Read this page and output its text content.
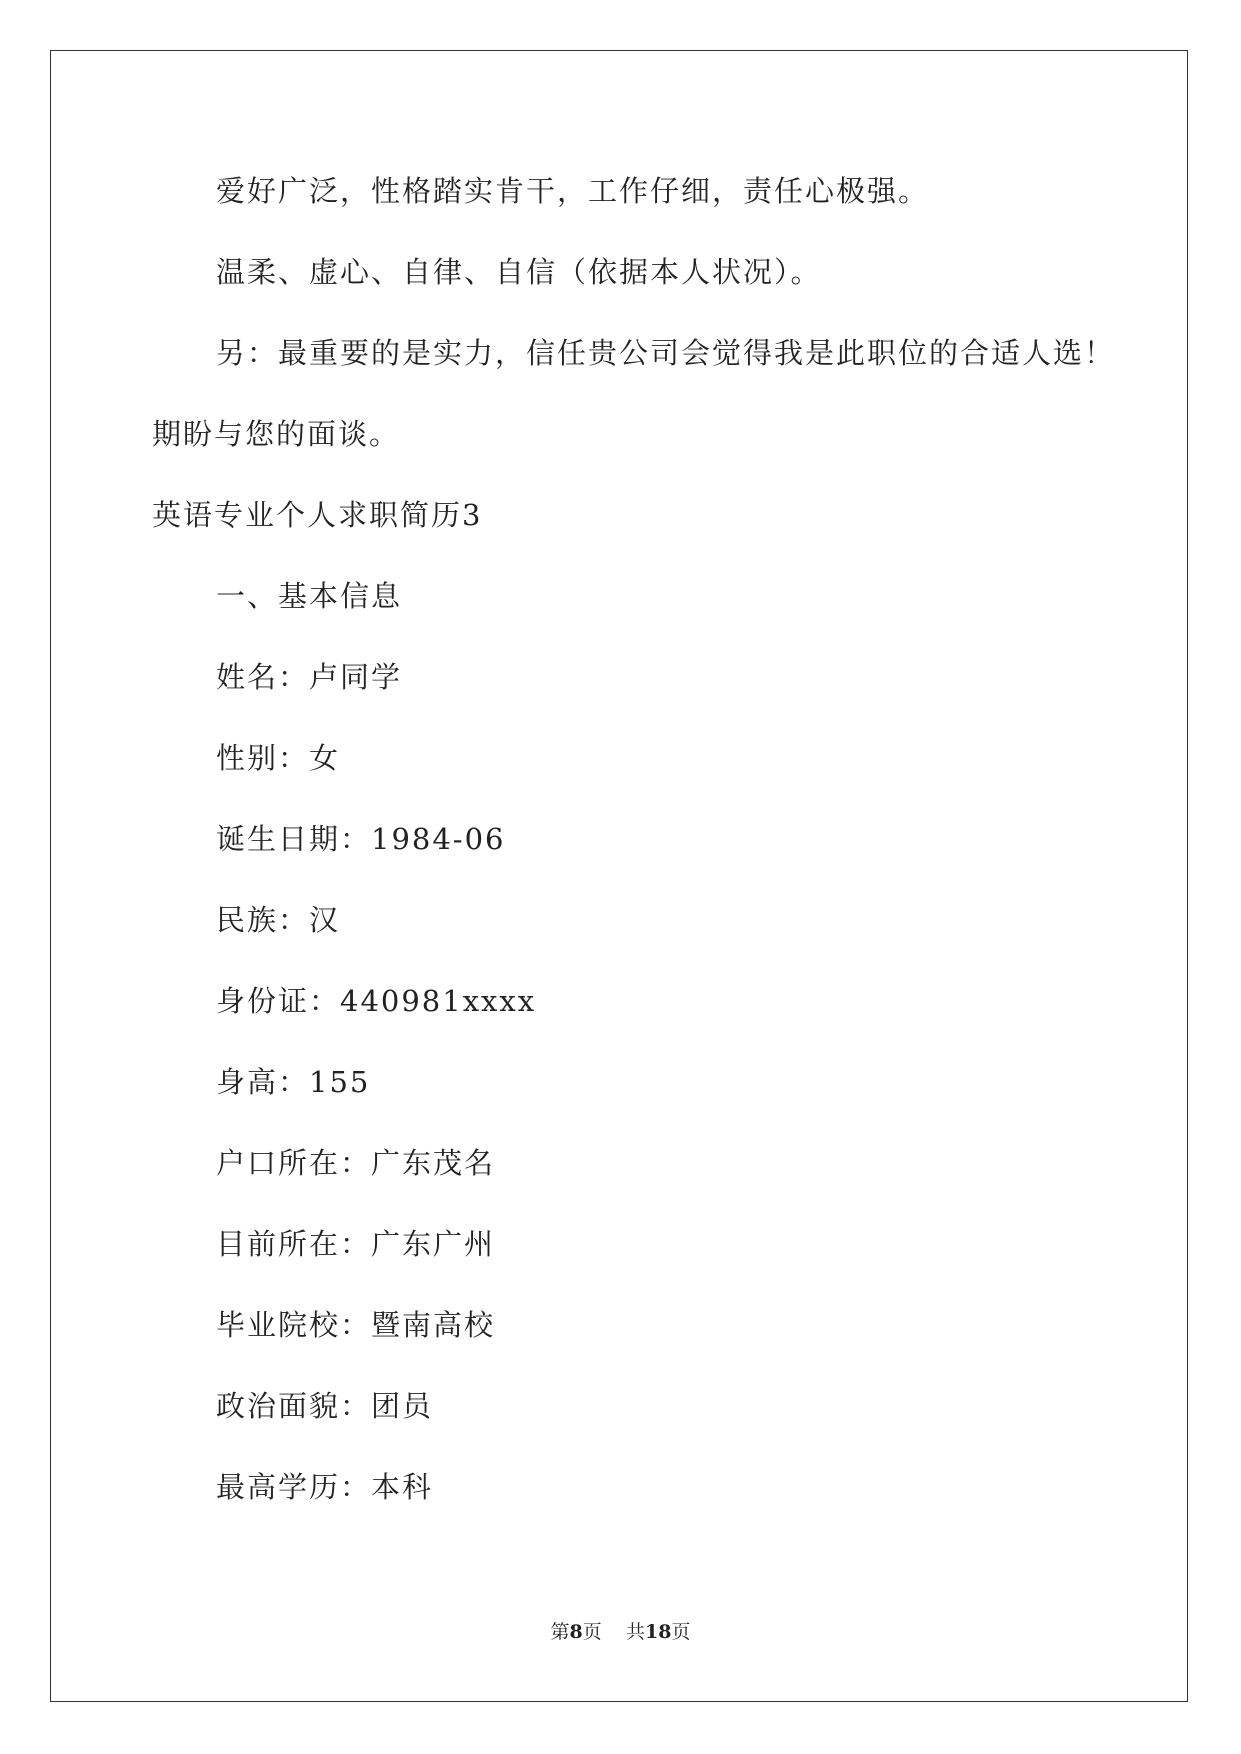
爱好广泛，性格踏实肯干，工作仔细，责任心极强。
温柔、虚心、自律、自信（依据本人状况）。
另：最重要的是实力，信任贵公司会觉得我是此职位的合适人选！
期盼与您的面谈。
英语专业个人求职简历3
一、基本信息
姓名：卢同学
性别：女
诞生日期：1984-06
民族：汉
身份证：440981xxxx
身高：155
户口所在：广东茂名
目前所在：广东广州
毕业院校：暨南高校
政治面貌：团员
最高学历：本科
第8页 共18页
